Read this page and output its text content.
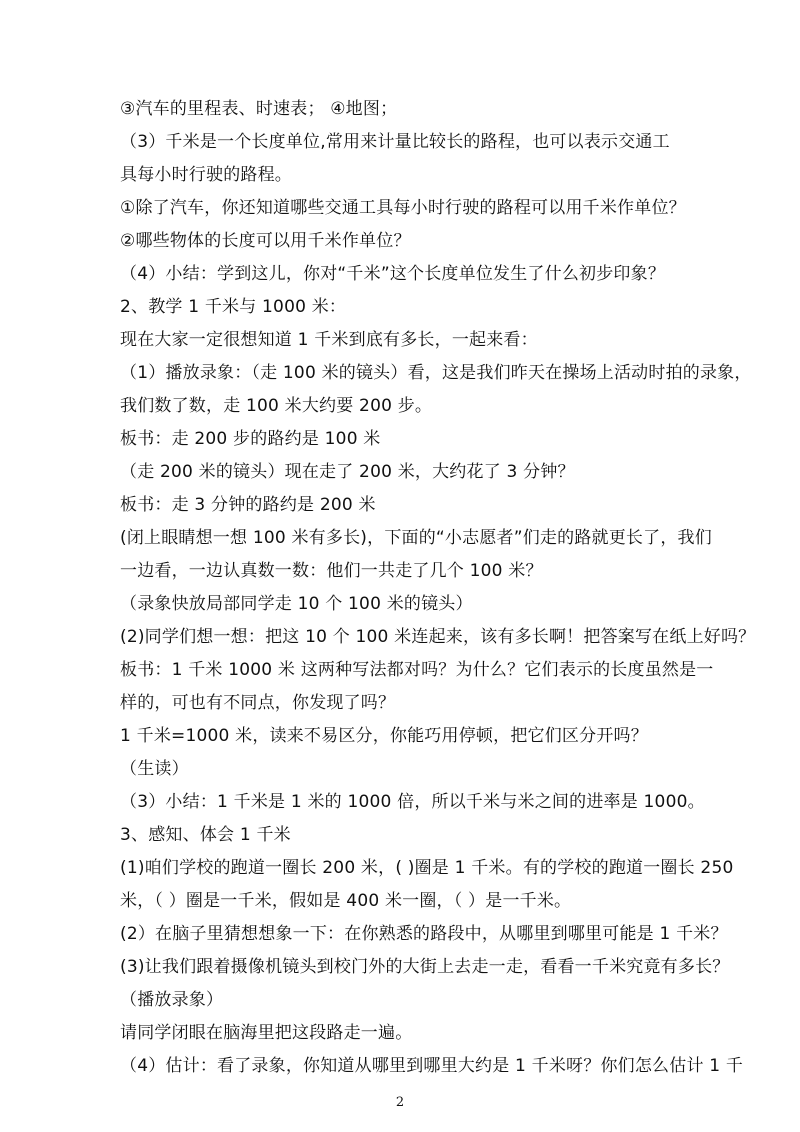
③汽车的里程表、时速表； ④地图；
（3）千米是一个长度单位,常用来计量比较长的路程，也可以表示交通工
具每小时行驶的路程。
①除了汽车，你还知道哪些交通工具每小时行驶的路程可以用千米作单位？
②哪些物体的长度可以用千米作单位？
（4）小结：学到这儿，你对“千米”这个长度单位发生了什么初步印象？
2、教学 1 千米与 1000 米：
现在大家一定很想知道 1 千米到底有多长，一起来看：
（1）播放录象：（走 100 米的镜头）看，这是我们昨天在操场上活动时拍的录象，
我们数了数，走 100 米大约要 200 步。
板书：走 200 步的路约是 100 米
（走 200 米的镜头）现在走了 200 米，大约花了 3 分钟？
板书：走 3 分钟的路约是 200 米
(闭上眼睛想一想 100 米有多长)，下面的“小志愿者”们走的路就更长了，我们
一边看，一边认真数一数：他们一共走了几个 100 米？
（录象快放局部同学走 10 个 100 米的镜头）
(2)同学们想一想：把这 10 个 100 米连起来，该有多长啊！把答案写在纸上好吗？
板书：1 千米 1000 米 这两种写法都对吗？为什么？它们表示的长度虽然是一
样的，可也有不同点，你发现了吗？
1 千米=1000 米，读来不易区分，你能巧用停顿，把它们区分开吗？
（生读）
（3）小结：1 千米是 1 米的 1000 倍，所以千米与米之间的进率是 1000。
3、感知、体会 1 千米
(1)咱们学校的跑道一圈长 200 米，( )圈是 1 千米。有的学校的跑道一圈长 250
米，（ ）圈是一千米，假如是 400 米一圈，（ ）是一千米。
(2）在脑子里猜想想象一下：在你熟悉的路段中，从哪里到哪里可能是 1 千米？
(3)让我们跟着摄像机镜头到校门外的大街上去走一走，看看一千米究竟有多长？
（播放录象）
请同学闭眼在脑海里把这段路走一遍。
（4）估计：看了录象，你知道从哪里到哪里大约是 1 千米呀？你们怎么估计 1 千
2
